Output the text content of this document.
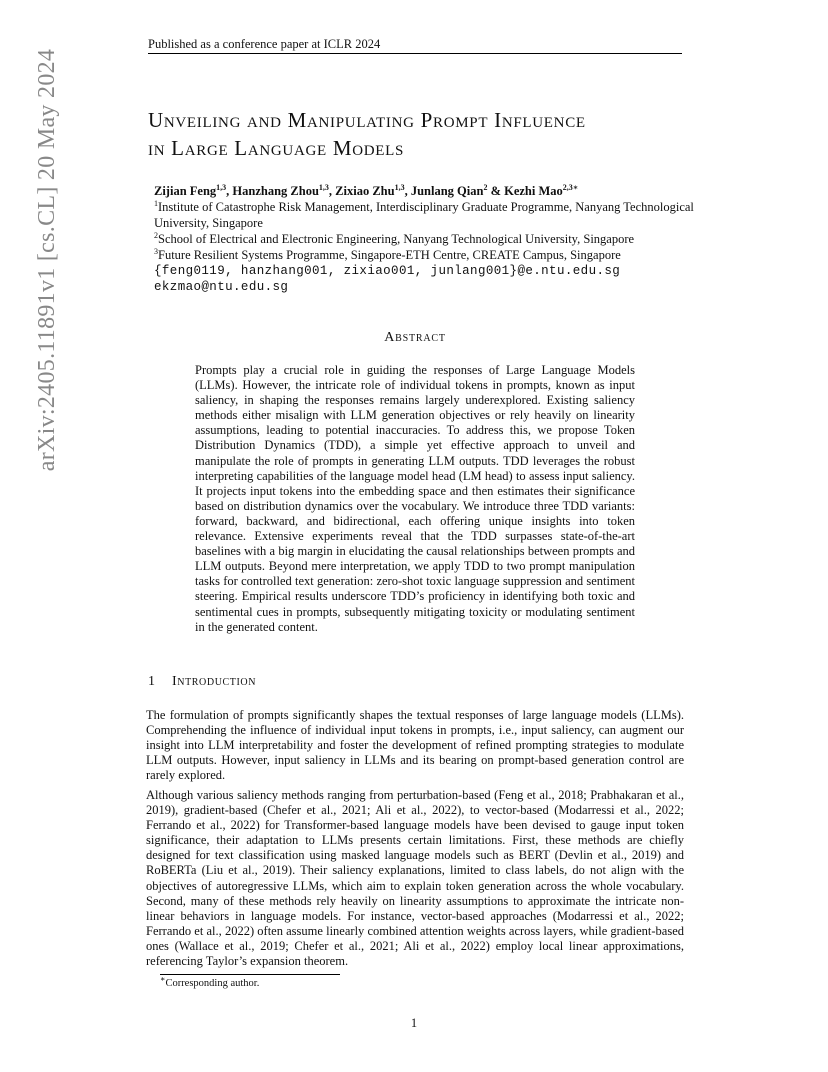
Published as a conference paper at ICLR 2024
arXiv:2405.11891v1 [cs.CL] 20 May 2024	Unveiling and Manipulating Prompt Influence
in Large Language Models
Zijian Feng$^{1,3}$, Hanzhang Zhou$^{1,3}$, Zixiao Zhu$^{1,3}$, Junlang Qian$^2$ & Kezhi Mao$^{2,3∗}$
$^1$Institute of Catastrophe Risk Management, Interdisciplinary Graduate Programme, Nanyang Technological University, Singapore
$^2$School of Electrical and Electronic Engineering, Nanyang Technological University, Singapore
$^3$Future Resilient Systems Programme, Singapore-ETH Centre, CREATE Campus, Singapore
{feng0119, hanzhang001, zixiao001, junlang001}@e.ntu.edu.sg
ekzmao@ntu.edu.sg
Abstract
Prompts play a crucial role in guiding the responses of Large Language Models (LLMs). However, the intricate role of individual tokens in prompts, known as input saliency, in shaping the responses remains largely underexplored. Existing saliency methods either misalign with LLM generation objectives or rely heavily on linearity assumptions, leading to potential inaccuracies. To address this, we propose Token Distribution Dynamics (TDD), a simple yet effective approach to unveil and manipulate the role of prompts in generating LLM outputs. TDD leverages the robust interpreting capabilities of the language model head (LM head) to assess input saliency. It projects input tokens into the embedding space and then estimates their significance based on distribution dynamics over the vocabulary. We introduce three TDD variants: forward, backward, and bidirectional, each offering unique insights into token relevance. Extensive experiments reveal that the TDD surpasses state-of-the-art baselines with a big margin in elucidating the causal relationships between prompts and LLM outputs. Beyond mere interpretation, we apply TDD to two prompt manipulation tasks for controlled text generation: zero-shot toxic language suppression and sentiment steering. Empirical results underscore TDD’s proficiency in identifying both toxic and sentimental cues in prompts, subsequently mitigating toxicity or modulating sentiment in the generated content.
1 Introduction
The formulation of prompts significantly shapes the textual responses of large language models (LLMs). Comprehending the influence of individual input tokens in prompts, i.e., input saliency, can augment our insight into LLM interpretability and foster the development of refined prompting strategies to modulate LLM outputs. However, input saliency in LLMs and its bearing on prompt-based generation control are rarely explored.
Although various saliency methods ranging from perturbation-based (Feng et al., 2018; Prabhakaran et al., 2019), gradient-based (Chefer et al., 2021; Ali et al., 2022), to vector-based (Modarressi et al., 2022; Ferrando et al., 2022) for Transformer-based language models have been devised to gauge input token significance, their adaptation to LLMs presents certain limitations. First, these methods are chiefly designed for text classification using masked language models such as BERT (Devlin et al., 2019) and RoBERTa (Liu et al., 2019). Their saliency explanations, limited to class labels, do not align with the objectives of autoregressive LLMs, which aim to explain token generation across the whole vocabulary. Second, many of these methods rely heavily on linearity assumptions to approximate the intricate non-linear behaviors in language models. For instance, vector-based approaches (Modarressi et al., 2022; Ferrando et al., 2022) often assume linearly combined attention weights across layers, while gradient-based ones (Wallace et al., 2019; Chefer et al., 2021; Ali et al., 2022) employ local linear approximations, referencing Taylor’s expansion theorem.
∗Corresponding author.
1
